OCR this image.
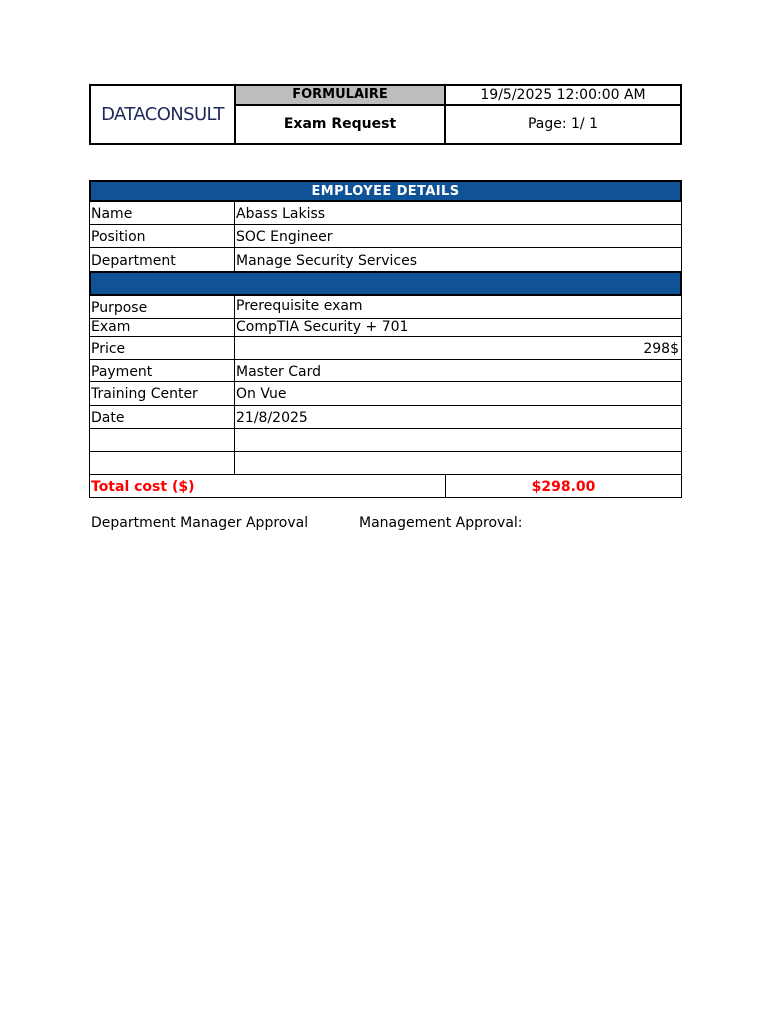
DATACONSULT
FORMULAIRE	19/5/2025 12:00:00 AM
Exam Request	Page: 1/ 1
EMPLOYEE DETAILS
Name	Abass Lakiss
Position	SOC Engineer
Department	Manage Security Services
Purpose	Prerequisite exam
Exam	CompTIA Security + 701
Price	298$
Payment	Master Card
Training Center	On Vue
Date	21/8/2025
Total cost ($)	$298.00
Department Manager Approval	Management Approval:
